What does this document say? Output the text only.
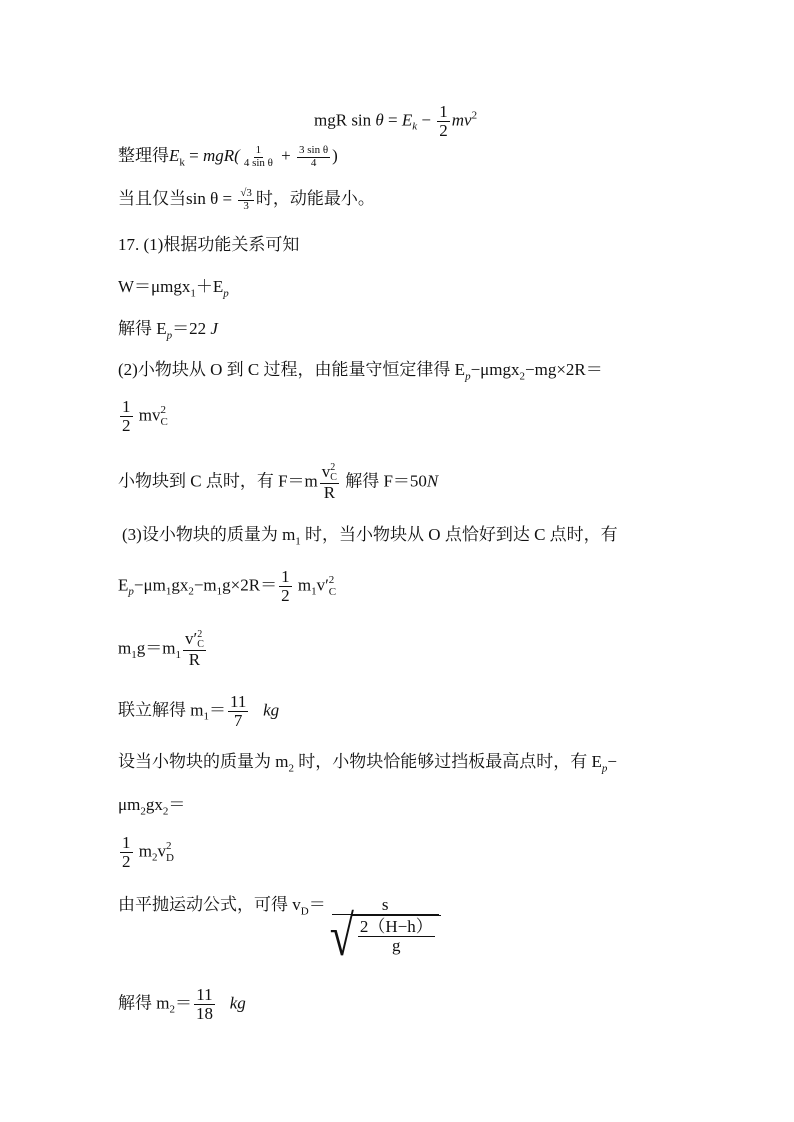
mgR $\sin \theta = E_k - \frac{1}{2} mv^2$
整理得$E_k = mgR( \frac{1}{\text{4 sin θ}} + \frac{\text{3 sin θ}}{4}$ )
当且仅当$\sin \theta = \frac{√3}{3}$ 时，动能最小。
17. (1)根据功能关系可知
$W=\mu mgx_1+E_p$
解得 $E_p=22$ J
(2)小物块从 O 到 C 过程，由能量守恒定律得 $E_p-\mu mgx_2-mg\times 2R=$
$\frac{1}{2}$ mv 2
C
小物块到 C 点时，有 F＝m v 2
C
R 解得 F＝50N
(3)设小物块的质量为 $m_1$ 时，当小物块从 O 点恰好到达 C 点时，有
$E_p-\mu m_1gx_2-m_1g\times 2R= \frac{1}{2} m_1v'$ 2
C
$m_1g=m_1$ v′ 2
C
R
联立解得 $m_1= \frac{11}{7}$ kg
设当小物块的质量为 $m_2$ 时，小物块恰能够过挡板最高点时，有 $E_p-$
$\mu m_2gx_2=$
$\frac{1}{2} m_2v$ 2
D
由平抛运动公式，可得 $v_D= \frac{s}{√ \frac{2(H-h)}{g}}$
解得 $m_2= \frac{11}{18}$ kg
